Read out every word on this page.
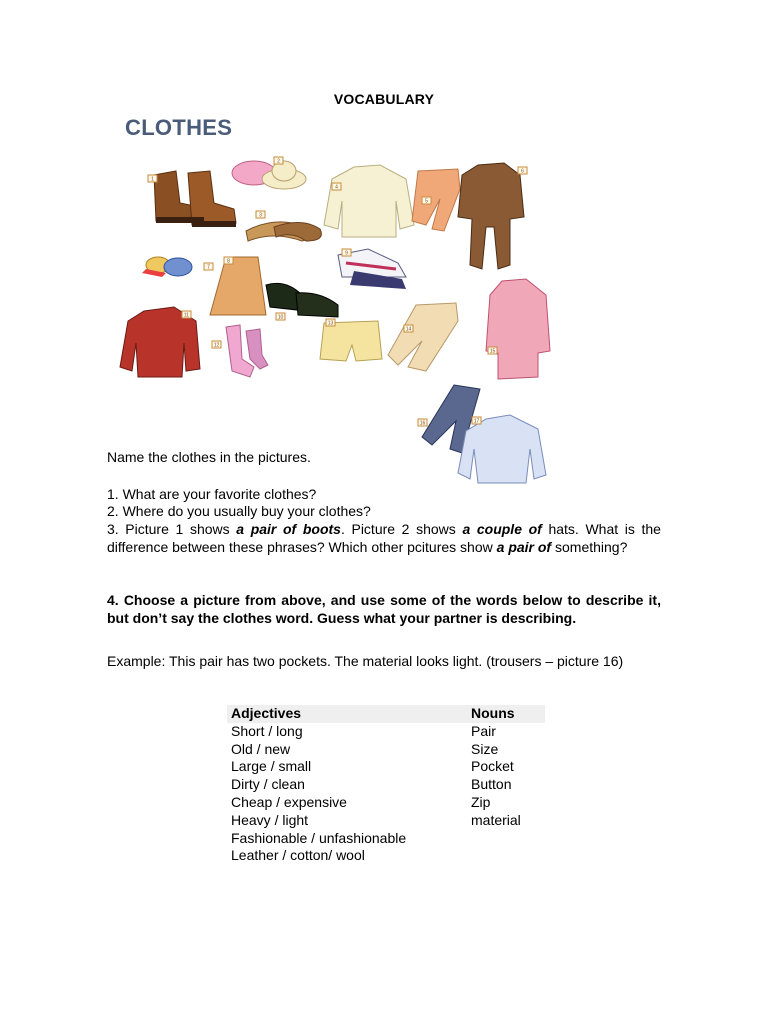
VOCABULARY
CLOTHES
1
2
3
4
5
6
7
8
9
10
11
12
13
14
15
16	17
Name the clothes in the pictures.
1. What are your favorite clothes?
2. Where do you usually buy your clothes?
3. Picture 1 shows a pair of boots. Picture 2 shows a couple of hats. What is the difference between these phrases? Which other pcitures show a pair of something?
4. Choose a picture from above, and use some of the words below to describe it, but don’t say the clothes word. Guess what your partner is describing.
Example: This pair has two pockets. The material looks light. (trousers – picture 16)
Adjectives	Nouns
Short / long	Pair
Old / new	Size
Large / small	Pocket
Dirty / clean	Button
Cheap / expensive	Zip
Heavy / light	material
Fashionable / unfashionable	
Leather / cotton/ wool	
